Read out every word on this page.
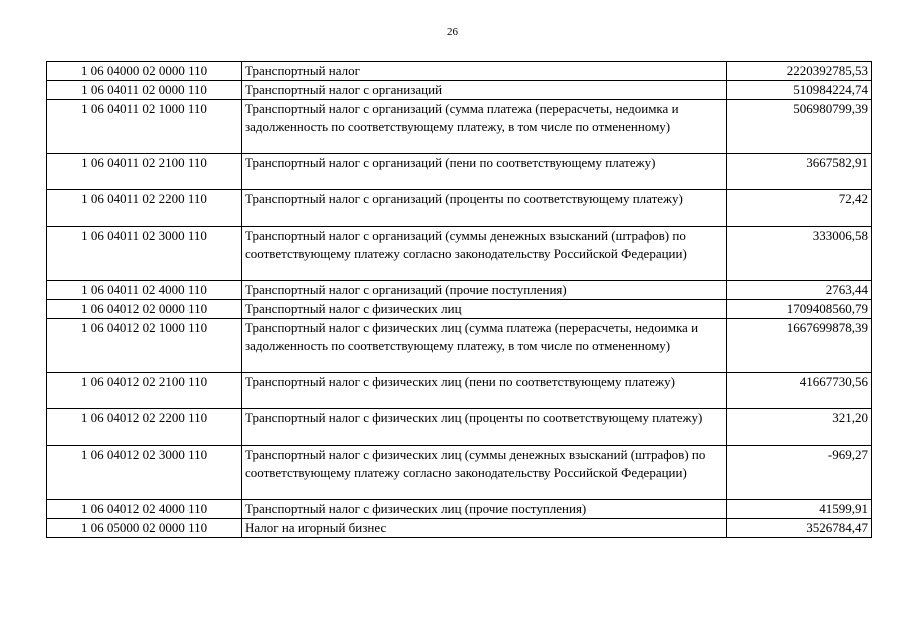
26
1 06 04000 02 0000 110	Транспортный налог	2220392785,53
1 06 04011 02 0000 110	Транспортный налог с организаций	510984224,74
1 06 04011 02 1000 110	Транспортный налог с организаций (сумма платежа (перерасчеты, недоимка и задолженность по соответствующему платежу, в том числе по отмененному)	506980799,39
1 06 04011 02 2100 110	Транспортный налог с организаций (пени по соответствующему платежу)	3667582,91
1 06 04011 02 2200 110	Транспортный налог с организаций (проценты по соответствующему платежу)	72,42
1 06 04011 02 3000 110	Транспортный налог с организаций (суммы денежных взысканий (штрафов) по соответствующему платежу согласно законодательству Российской Федерации)	333006,58
1 06 04011 02 4000 110	Транспортный налог с организаций (прочие поступления)	2763,44
1 06 04012 02 0000 110	Транспортный налог с физических лиц	1709408560,79
1 06 04012 02 1000 110	Транспортный налог с физических лиц (сумма платежа (перерасчеты, недоимка и задолженность по соответствующему платежу, в том числе по отмененному)	1667699878,39
1 06 04012 02 2100 110	Транспортный налог с физических лиц (пени по соответствующему платежу)	41667730,56
1 06 04012 02 2200 110	Транспортный налог с физических лиц (проценты по соответствующему платежу)	321,20
1 06 04012 02 3000 110	Транспортный налог с физических лиц (суммы денежных взысканий (штрафов) по соответствующему платежу согласно законодательству Российской Федерации)	-969,27
1 06 04012 02 4000 110	Транспортный налог с физических лиц (прочие поступления)	41599,91
1 06 05000 02 0000 110	Налог на игорный бизнес	3526784,47
